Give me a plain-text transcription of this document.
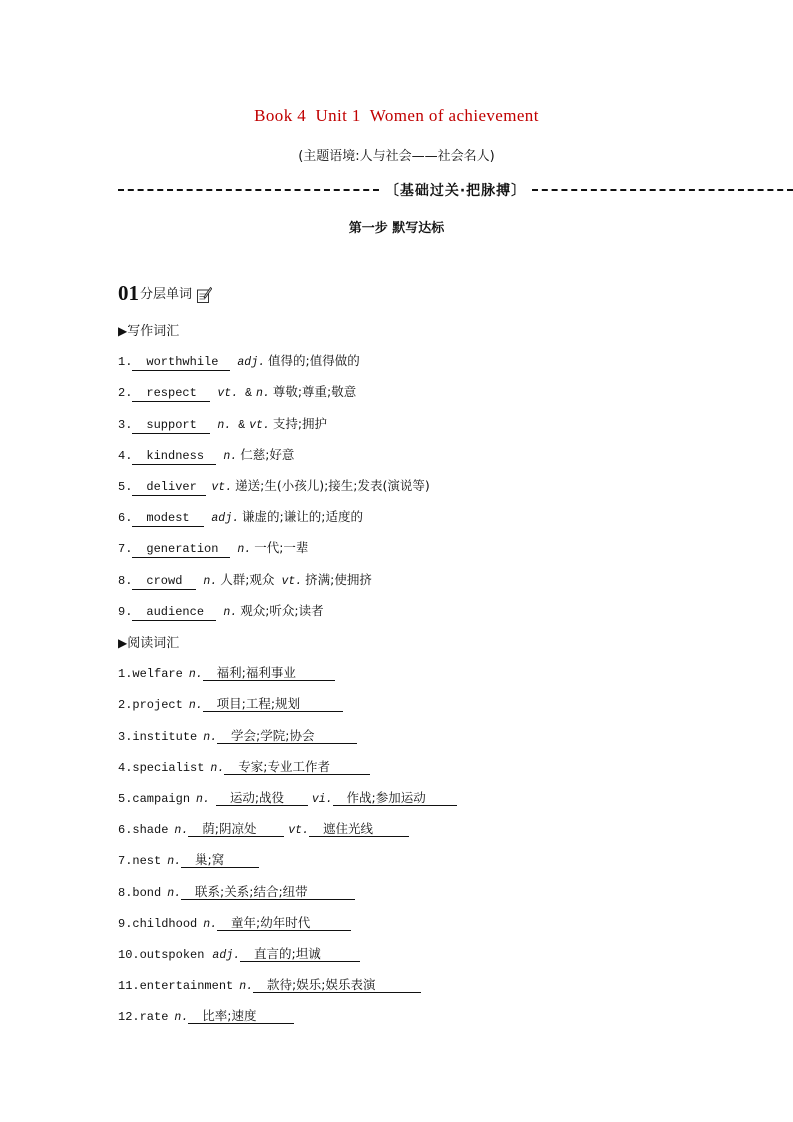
Book 4  Unit 1  Women of achievement
(主题语境:人与社会——社会名人)
〔基础过关·把脉搏〕
第一步 默写达标
01 分层单词
▶写作词汇
1. worthwhile adj. 值得的;值得做的
2. respect vt. & n. 尊敬;尊重;敬意
3. support n. & vt. 支持;拥护
4. kindness n. 仁慈;好意
5. deliver vt. 递送;生(小孩儿);接生;发表(演说等)
6. modest adj. 谦虚的;谦让的;适度的
7. generation n. 一代;一辈
8. crowd n. 人群;观众 vt. 挤满;使拥挤
9. audience n. 观众;听众;读者
▶阅读词汇
1.welfare n. 福利;福利事业
2.project n. 项目;工程;规划
3.institute n. 学会;学院;协会
4.specialist n. 专家;专业工作者
5.campaign n. 运动;战役 vi. 作战;参加运动
6.shade n. 荫;阴凉处	vt. 遮住光线
7.nest n. 巢;窝
8.bond n. 联系;关系;结合;纽带
9.childhood n. 童年;幼年时代
10.outspoken adj. 直言的;坦诚
11.entertainment n. 款待;娱乐;娱乐表演
12.rate n. 比率;速度
